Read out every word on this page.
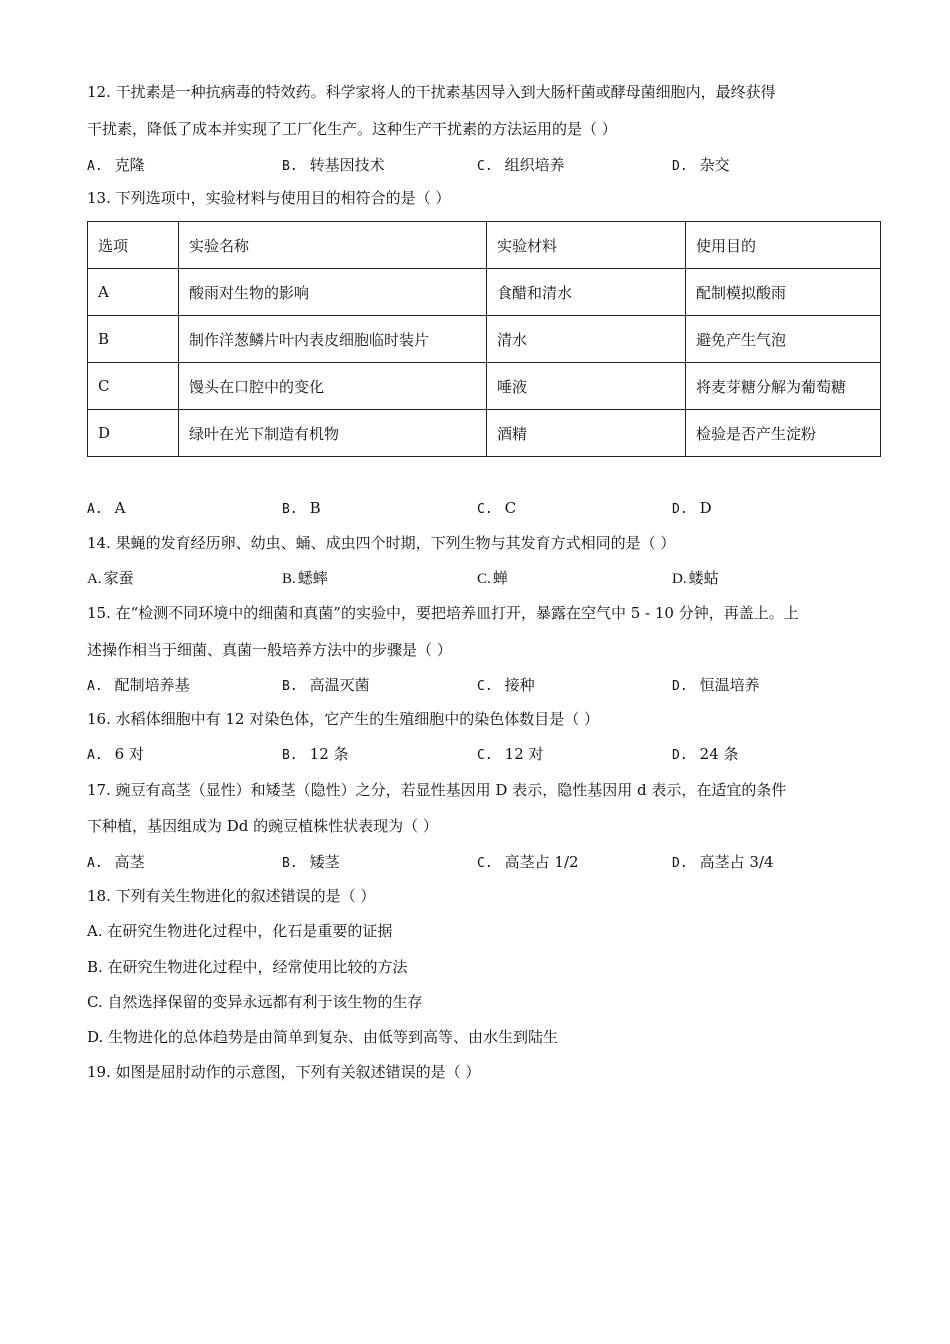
12. 干扰素是一种抗病毒的特效药。科学家将人的干扰素基因导入到大肠杆菌或酵母菌细胞内，最终获得
干扰素，降低了成本并实现了工厂化生产。这种生产干扰素的方法运用的是（ ）
A. 克隆	B. 转基因技术	C. 组织培养	D. 杂交
13. 下列选项中，实验材料与使用目的相符合的是（ ）
选项	实验名称	实验材料	使用目的
A	酸雨对生物的影响	食醋和清水	配制模拟酸雨
B	制作洋葱鳞片叶内表皮细胞临时装片	清水	避免产生气泡
C	馒头在口腔中的变化	唾液	将麦芽糖分解为葡萄糖
D	绿叶在光下制造有机物	酒精	检验是否产生淀粉
A. A	B. B	C. C	D. D
14. 果蝇的发育经历卵、幼虫、蛹、成虫四个时期，下列生物与其发育方式相同的是（ ）
A. 家蚕	B. 蟋蟀	C. 蝉	D. 蝼蛄
15. 在“检测不同环境中的细菌和真菌”的实验中，要把培养皿打开，暴露在空气中 5 - 10 分钟，再盖上。上
述操作相当于细菌、真菌一般培养方法中的步骤是（ ）
A. 配制培养基	B. 高温灭菌	C. 接种	D. 恒温培养
16. 水稻体细胞中有 12 对染色体，它产生的生殖细胞中的染色体数目是（ ）
A. 6 对	B. 12 条	C. 12 对	D. 24 条
17. 豌豆有高茎（显性）和矮茎（隐性）之分，若显性基因用 D 表示，隐性基因用 d 表示，在适宜的条件
下种植，基因组成为 Dd 的豌豆植株性状表现为（ ）
A. 高茎	B. 矮茎	C. 高茎占 1/2	D. 高茎占 3/4
18. 下列有关生物进化的叙述错误的是（ ）
A. 在研究生物进化过程中，化石是重要的证据
B. 在研究生物进化过程中，经常使用比较的方法
C. 自然选择保留的变异永远都有利于该生物的生存
D. 生物进化的总体趋势是由简单到复杂、由低等到高等、由水生到陆生
19. 如图是屈肘动作的示意图，下列有关叙述错误的是（ ）
